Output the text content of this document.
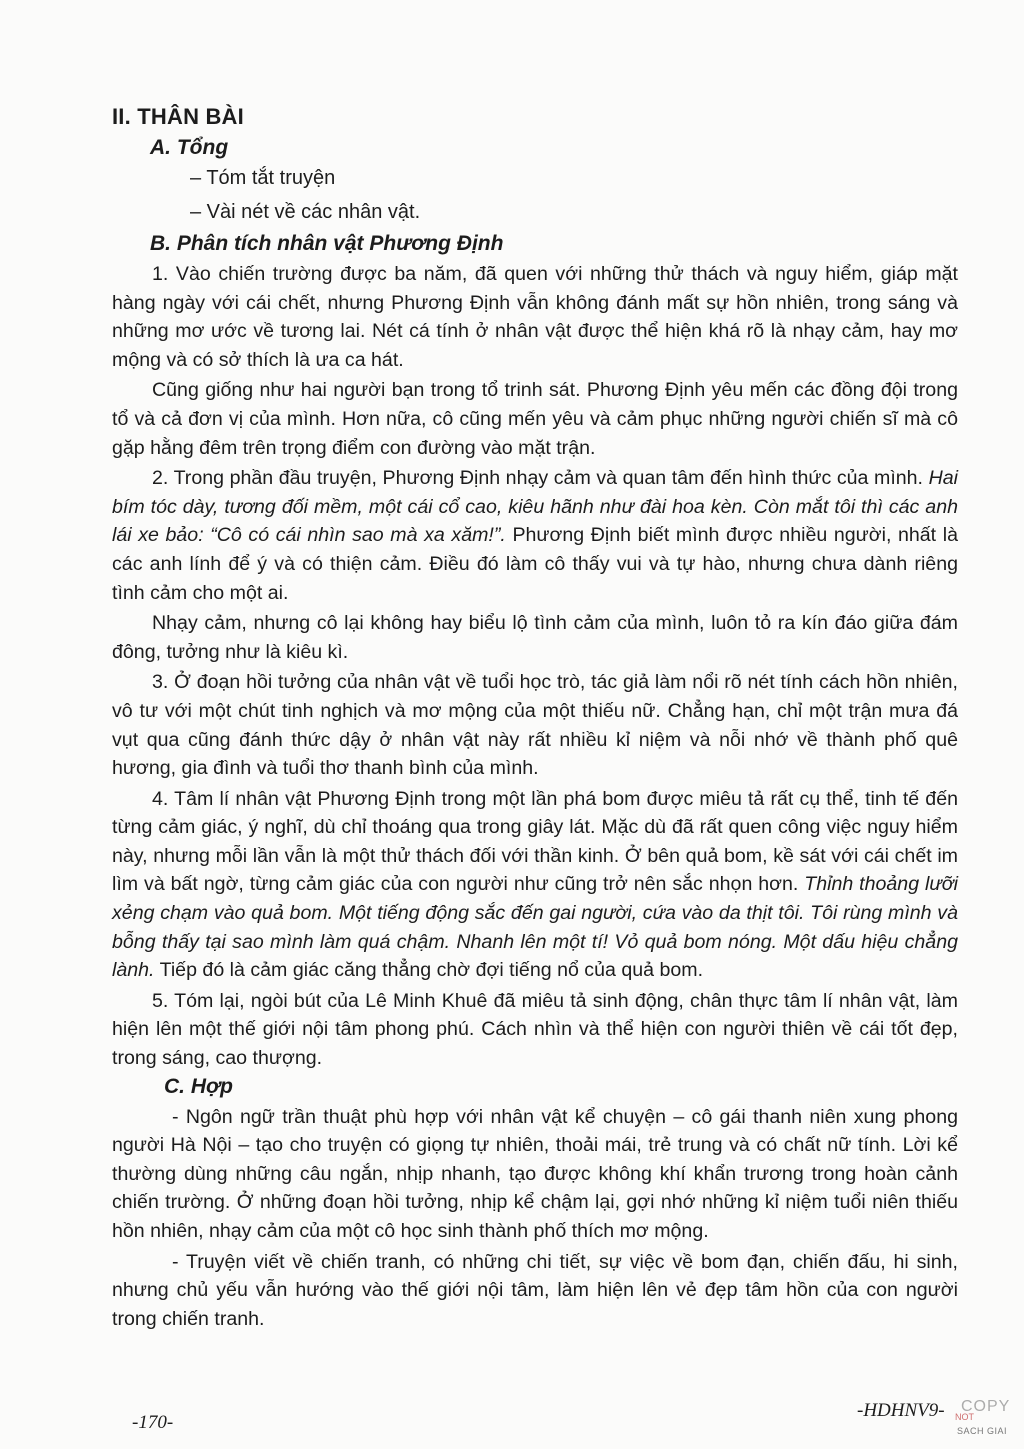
II. THÂN BÀI
A. Tổng
– Tóm tắt truyện
– Vài nét về các nhân vật.
B. Phân tích nhân vật Phương Định

1. Vào chiến trường được ba năm, đã quen với những thử thách và nguy hiểm, giáp mặt hàng ngày với cái chết, nhưng Phương Định vẫn không đánh mất sự hồn nhiên, trong sáng và những mơ ước về tương lai. Nét cá tính ở nhân vật được thể hiện khá rõ là nhạy cảm, hay mơ mộng và có sở thích là ưa ca hát.

Cũng giống như hai người bạn trong tổ trinh sát. Phương Định yêu mến các đồng đội trong tổ và cả đơn vị của mình. Hơn nữa, cô cũng mến yêu và cảm phục những người chiến sĩ mà cô gặp hằng đêm trên trọng điểm con đường vào mặt trận.

2. Trong phần đầu truyện, Phương Định nhạy cảm và quan tâm đến hình thức của mình. Hai bím tóc dày, tương đối mềm, một cái cổ cao, kiêu hãnh như đài hoa kèn. Còn mắt tôi thì các anh lái xe bảo: “Cô có cái nhìn sao mà xa xăm!”. Phương Định biết mình được nhiều người, nhất là các anh lính để ý và có thiện cảm. Điều đó làm cô thấy vui và tự hào, nhưng chưa dành riêng tình cảm cho một ai.

Nhạy cảm, nhưng cô lại không hay biểu lộ tình cảm của mình, luôn tỏ ra kín đáo giữa đám đông, tưởng như là kiêu kì.

3. Ở đoạn hồi tưởng của nhân vật về tuổi học trò, tác giả làm nổi rõ nét tính cách hồn nhiên, vô tư với một chút tinh nghịch và mơ mộng của một thiếu nữ. Chẳng hạn, chỉ một trận mưa đá vụt qua cũng đánh thức dậy ở nhân vật này rất nhiều kỉ niệm và nỗi nhớ về thành phố quê hương, gia đình và tuổi thơ thanh bình của mình.

4. Tâm lí nhân vật Phương Định trong một lần phá bom được miêu tả rất cụ thể, tinh tế đến từng cảm giác, ý nghĩ, dù chỉ thoáng qua trong giây lát. Mặc dù đã rất quen công việc nguy hiểm này, nhưng mỗi lần vẫn là một thử thách đối với thần kinh. Ở bên quả bom, kề sát với cái chết im lìm và bất ngờ, từng cảm giác của con người như cũng trở nên sắc nhọn hơn. Thỉnh thoảng lưỡi xẻng chạm vào quả bom. Một tiếng động sắc đến gai người, cứa vào da thịt tôi. Tôi rùng mình và bỗng thấy tại sao mình làm quá chậm. Nhanh lên một tí! Vỏ quả bom nóng. Một dấu hiệu chẳng lành. Tiếp đó là cảm giác căng thẳng chờ đợi tiếng nổ của quả bom.

5. Tóm lại, ngòi bút của Lê Minh Khuê đã miêu tả sinh động, chân thực tâm lí nhân vật, làm hiện lên một thế giới nội tâm phong phú. Cách nhìn và thể hiện con người thiên về cái tốt đẹp, trong sáng, cao thượng.

C. Hợp

- Ngôn ngữ trần thuật phù hợp với nhân vật kể chuyện – cô gái thanh niên xung phong người Hà Nội – tạo cho truyện có giọng tự nhiên, thoải mái, trẻ trung và có chất nữ tính. Lời kể thường dùng những câu ngắn, nhịp nhanh, tạo được không khí khẩn trương trong hoàn cảnh chiến trường. Ở những đoạn hồi tưởng, nhịp kể chậm lại, gợi nhớ những kỉ niệm tuổi niên thiếu hồn nhiên, nhạy cảm của một cô học sinh thành phố thích mơ mộng.

- Truyện viết về chiến tranh, có những chi tiết, sự việc về bom đạn, chiến đấu, hi sinh, nhưng chủ yếu vẫn hướng vào thế giới nội tâm, làm hiện lên vẻ đẹp tâm hồn của con người trong chiến tranh.

-170-
-HDHNV9- COPY
NOT
SACH GIAI
